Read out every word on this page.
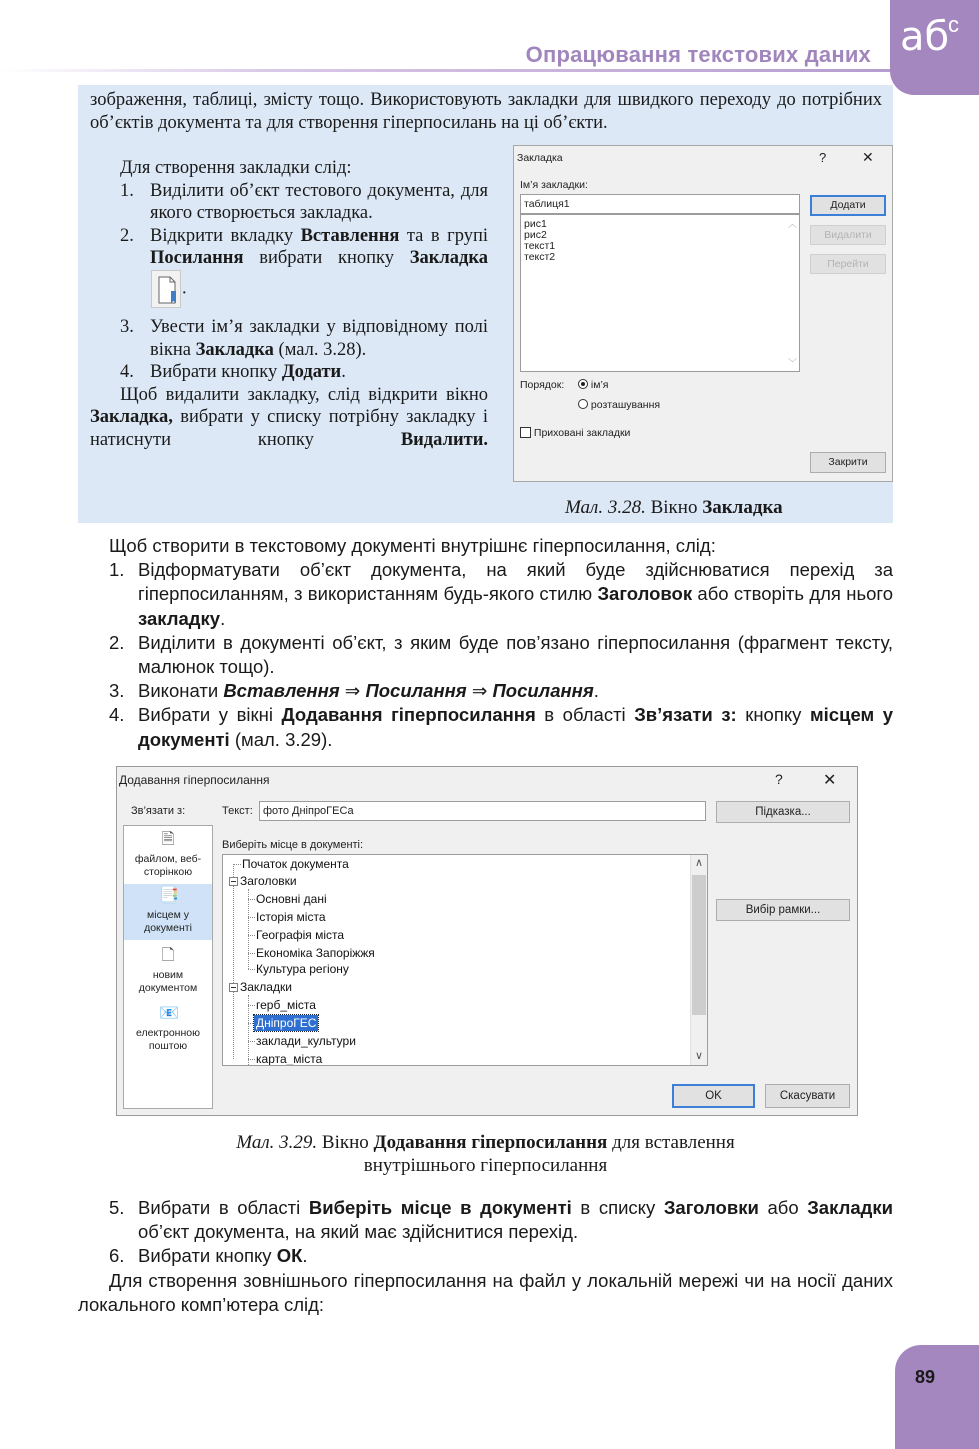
Опрацювання текстових даних аб
с

зображення, таблиці, змісту тощо. Використовують закладки для швидкого переходу до потрібних об’єктів документа та для створення гіперпосилань на ці об’єкти.

Для створення закладки слід:

1. Виділити об’єкт тестового документа, для якого створюється закладка.
2. Відкрити вкладку Вставлення та в групі Посилання вибрати кнопку Закладка .
3. Увести ім’я закладки у відповідному полі вікна Закладка (мал. 3.28).
4. Вибрати кнопку Додати.

Щоб видалити закладку, слід відкрити вікно Закладка, вибрати у списку потрібну закладку і натиснути кнопку Видалити.

Закладка	?	✕
Ім’я закладки:
таблиця1
рис1
рис2
текст1
текст2
︿
﹀
Додати
Видалити
Перейти
Порядок:	ім’я
розташування
Приховані закладки
Закрити
Мал. 3.28. Вікно Закладка

Щоб створити в текстовому документі внутрішнє гіперпосилання, слід:

1. Відформатувати об’єкт документа, на який буде здійснюватися перехід за гіперпосиланням, з використанням будь-якого стилю Заголовок або створіть для нього закладку.
2. Виділити в документі об’єкт, з яким буде пов’язано гіперпосилання (фрагмент тексту, малюнок тощо).
3. Виконати Вставлення ⇒ Посилання ⇒ Посилання.
4. Вибрати у вікні Додавання гіперпосилання в області Зв’язати з: кнопку місцем у документі (мал. 3.29).
Додавання гіперпосилання	?	✕
Зв’язати з:
🗎
файлом, веб-
сторінкою
📑
місцем у
документі
🗋
новим
документом
📧
електронною
поштою
Текст: фото ДніпроГЕСа	Підказка...
Виберіть місце в документі:
Початок документа
Заголовки
Основні дані
Історія міста
Географія міста
Економіка Запоріжжя
Культура регіону
Закладки
герб_міста
ДніпроГЕС
заклади_культури
карта_міста
∧
∨
Вибір рамки...
OK	Скасувати
Мал. 3.29. Вікно Додавання гіперпосилання для вставлення
внутрішнього гіперпосилання
5. Вибрати в області Виберіть місце в документі в списку Заголовки або Закладки об’єкт документа, на який має здійснитися перехід.
6. Вибрати кнопку ОК.

Для створення зовнішнього гіперпосилання на файл у локальній мережі чи на носії даних локального комп’ютера слід:

89
